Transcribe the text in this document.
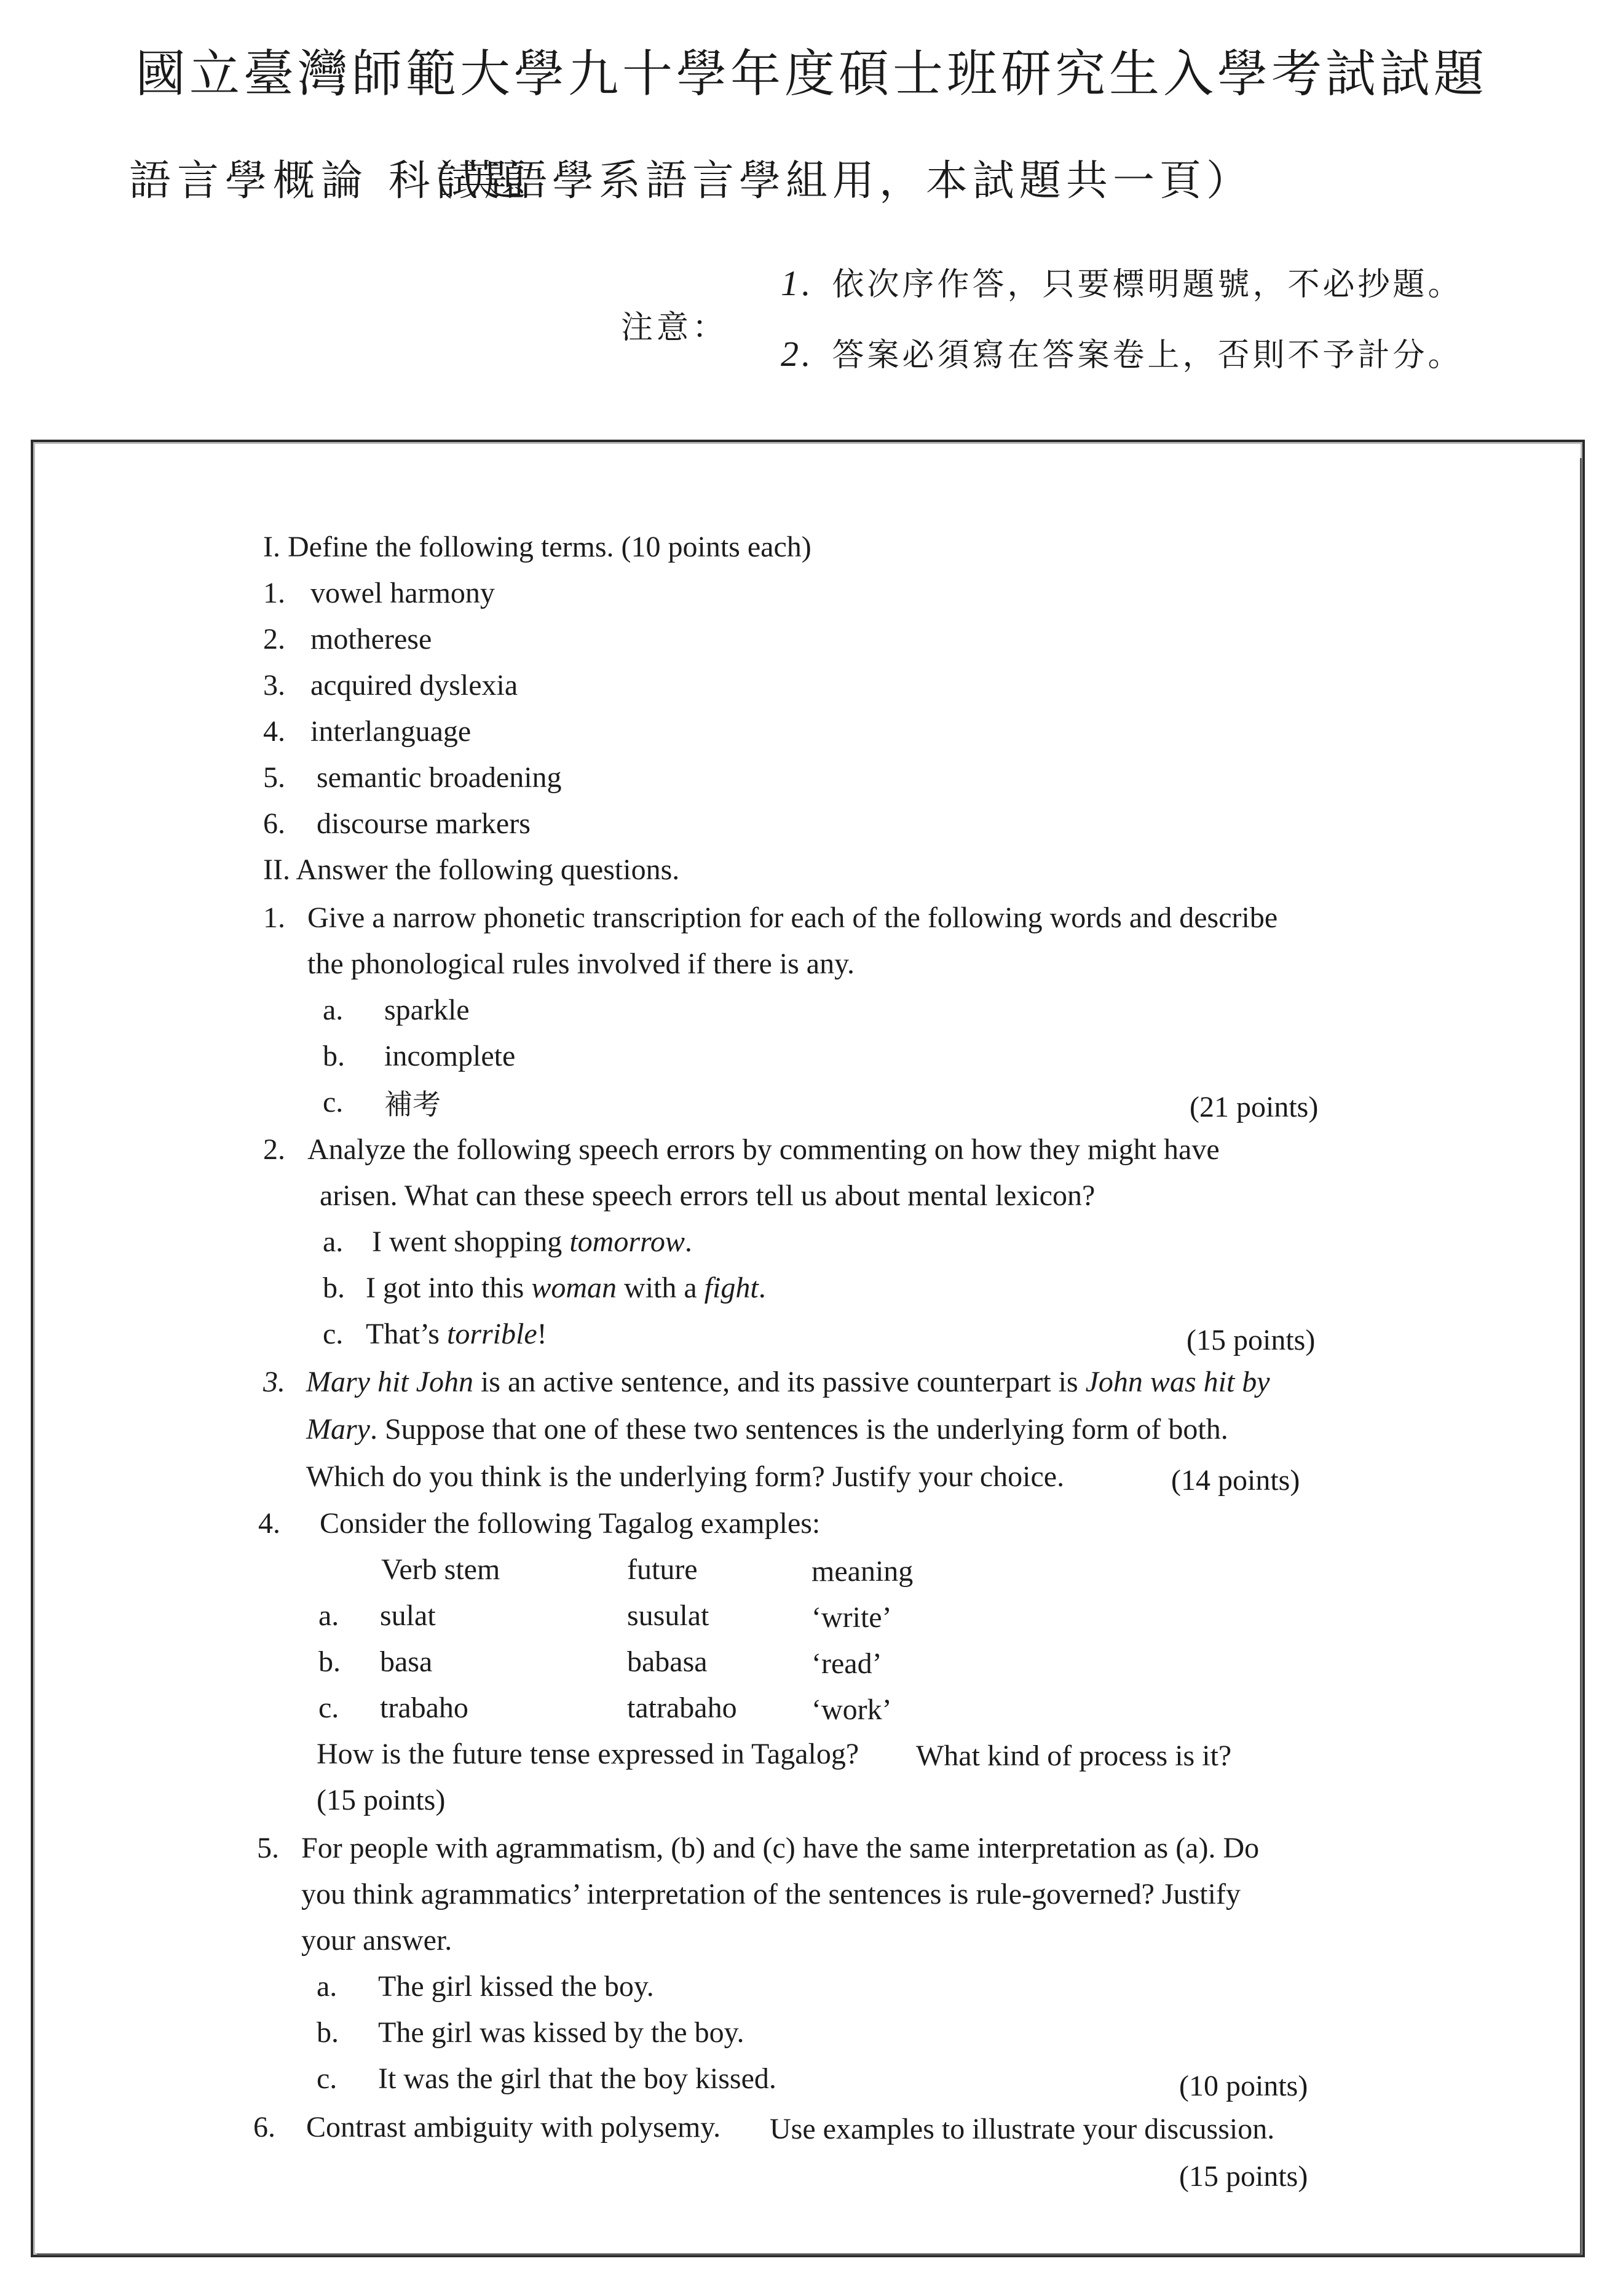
國立臺灣師範大學九十學年度碩士班研究生入學考試試題
語言學概論 科試題
（英語學系語言學組用，本試題共一頁）
注意：
1. 依次序作答，只要標明題號，不必抄題。
2. 答案必須寫在答案卷上，否則不予計分。
I. Define the following terms. (10 points each)
1. vowel harmony
2. motherese
3. acquired dyslexia
4. interlanguage
5. semantic broadening
6. discourse markers
II. Answer the following questions.
1. Give a narrow phonetic transcription for each of the following words and describe
the phonological rules involved if there is any.
a. sparkle
b. incomplete
c. 補考	(21 points)
2. Analyze the following speech errors by commenting on how they might have
arisen. What can these speech errors tell us about mental lexicon?
a. I went shopping tomorrow.
b. I got into this woman with a fight.
c. That’s torrible!	(15 points)
3. Mary hit John is an active sentence, and its passive counterpart is John was hit by
Mary. Suppose that one of these two sentences is the underlying form of both.
Which do you think is the underlying form? Justify your choice.	(14 points)
4. Consider the following Tagalog examples:
Verb stem	future	meaning
a. sulat	susulat	‘write’
b. basa	babasa	‘read’
c. trabaho	tatrabaho	‘work’
How is the future tense expressed in Tagalog? What kind of process is it?
(15 points)
5. For people with agrammatism, (b) and (c) have the same interpretation as (a). Do
you think agrammatics’ interpretation of the sentences is rule-governed? Justify
your answer.
a. The girl kissed the boy.
b. The girl was kissed by the boy.
c. It was the girl that the boy kissed.	(10 points)
6. Contrast ambiguity with polysemy. Use examples to illustrate your discussion.
(15 points)
